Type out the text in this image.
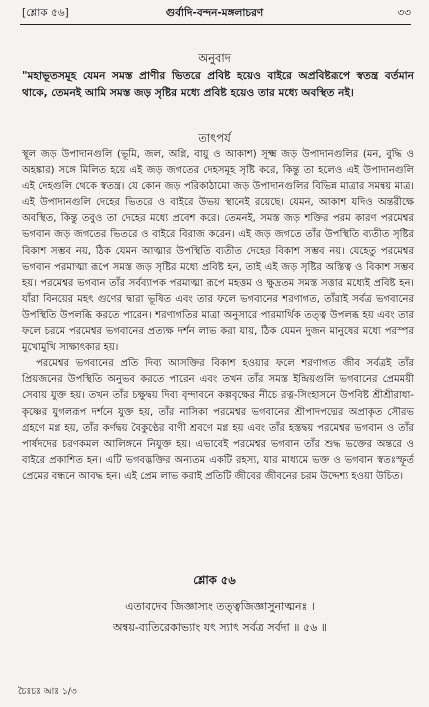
[শ্লোক ৫৬]	গুর্বাদি-বন্দন-মঙ্গলাচরণ	৩৩
অনুবাদ
"মহাভূতসমূহ যেমন সমস্ত প্রাণীর ভিতরে প্রবিষ্ট হয়েও বাইরে অপ্রবিষ্টরূপে স্বতন্ত্র বর্তমান থাকে, তেমনই আমি সমস্ত জড় সৃষ্টির মধ্যে প্রবিষ্ট হয়েও তার মধ্যে অবস্থিত নই।
তাৎপর্য

স্থূল জড় উপাদানগুলি (ভূমি, জল, অগ্নি, বায়ু ও আকাশ) সূক্ষ্ম জড় উপাদানগুলির (মন, বুদ্ধি ও অহঙ্কার) সঙ্গে মিলিত হয়ে এই জড় জগতের দেহসমূহ সৃষ্টি করে, কিন্তু তা হলেও এই উপাদানগুলি এই দেহগুলি থেকে স্বতন্ত্র। যে কোন জড় পরিকাঠামো জড় উপাদানগুলির বিভিন্ন মাত্রার সমন্বয় মাত্র। এই উপাদানগুলি দেহের ভিতরে ও বাইরে উভয় স্থানেই রয়েছে। যেমন, আকাশ যদিও অন্তরীক্ষে অবস্থিত, কিন্তু তবুও তা দেহের মধ্যে প্রবেশ করে। তেমনই, সমস্ত জড় শক্তির পরম কারণ পরমেশ্বর ভগবান জড় জগতের ভিতরে ও বাইরে বিরাজ করেন। এই জড় জগতে তাঁর উপস্থিতি ব্যতীত সৃষ্টির বিকাশ সম্ভব নয়, ঠিক যেমন আত্মার উপস্থিতি ব্যতীত দেহের বিকাশ সম্ভব নয়। যেহেতু পরমেশ্বর ভগবান পরমাত্মা রূপে সমস্ত জড় সৃষ্টির মধ্যে প্রবিষ্ট হন, তাই এই জড় সৃষ্টির অস্তিত্ব ও বিকাশ সম্ভব হয়। পরমেশ্বর ভগবান তাঁর সর্বব্যাপক পরমাত্মা রূপে মহত্তম ও ক্ষুদ্রতম সমস্ত সত্তার মধ্যেই প্রবিষ্ট হন। যাঁরা বিনয়ের মহৎ গুণের দ্বারা ভূষিত এবং তার ফলে ভগবানের শরণাগত, তাঁরাই সর্বত্র ভগবানের উপস্থিতি উপলব্ধি করতে পারেন। শরণাগতির মাত্রা অনুসারে পারমার্থিক তত্ত্ব উপলব্ধ হয় এবং তার ফলে চরমে পরমেশ্বর ভগবানের প্রত্যক্ষ দর্শন লাভ করা যায়, ঠিক যেমন দুজন মানুষের মধ্যে পরস্পর মুখোমুখি সাক্ষাৎকার হয়।

পরমেশ্বর ভগবানের প্রতি দিব্য আসক্তির বিকাশ হওয়ার ফলে শরণাগত জীব সর্বত্রই তাঁর প্রিয়জনের উপস্থিতি অনুভব করতে পারেন এবং তখন তাঁর সমস্ত ইন্দ্রিয়গুলি ভগবানের প্রেমময়ী সেবায় যুক্ত হয়। তখন তাঁর চক্ষুদ্বয় দিব্য বৃন্দাবনে কল্পবৃক্ষের নীচে রত্ন-সিংহাসনে উপবিষ্ট শ্রীশ্রীরাধা-কৃষ্ণের যুগলরূপ দর্শনে যুক্ত হয়, তাঁর নাসিকা পরমেশ্বর ভগবানের শ্রীপাদপদ্মের অপ্রাকৃত সৌরভ গ্রহণে মগ্ন হয়, তাঁর কর্ণদ্বয় বৈকুণ্ঠের বাণী শ্রবণে মগ্ন হয় এবং তাঁর হস্তদ্বয় পরমেশ্বর ভগবান ও তাঁর পার্ষদদের চরণকমল আলিঙ্গনে নিযুক্ত হয়। এভাবেই পরমেশ্বর ভগবান তাঁর শুদ্ধ ভক্তের অন্তরে ও বাইরে প্রকাশিত হন। এটি ভগবদ্ভক্তির অন্যতম একটি রহস্য, যার মাধ্যমে ভক্ত ও ভগবান স্বতঃস্ফূর্ত প্রেমের বন্ধনে আবদ্ধ হন। এই প্রেম লাভ করাই প্রতিটি জীবের জীবনের চরম উদ্দেশ্য হওয়া উচিত।

শ্লোক ৫৬
এতাবদেব জিজ্ঞাস্যং তত্ত্বজিজ্ঞাসুনাত্মনঃ ।
অন্বয়-ব্যতিরেকাভ্যাং যৎ স্যাৎ সর্বত্র সর্বদা ॥ ৫৬ ॥
চৈঃচঃ আঃ ১/৩
